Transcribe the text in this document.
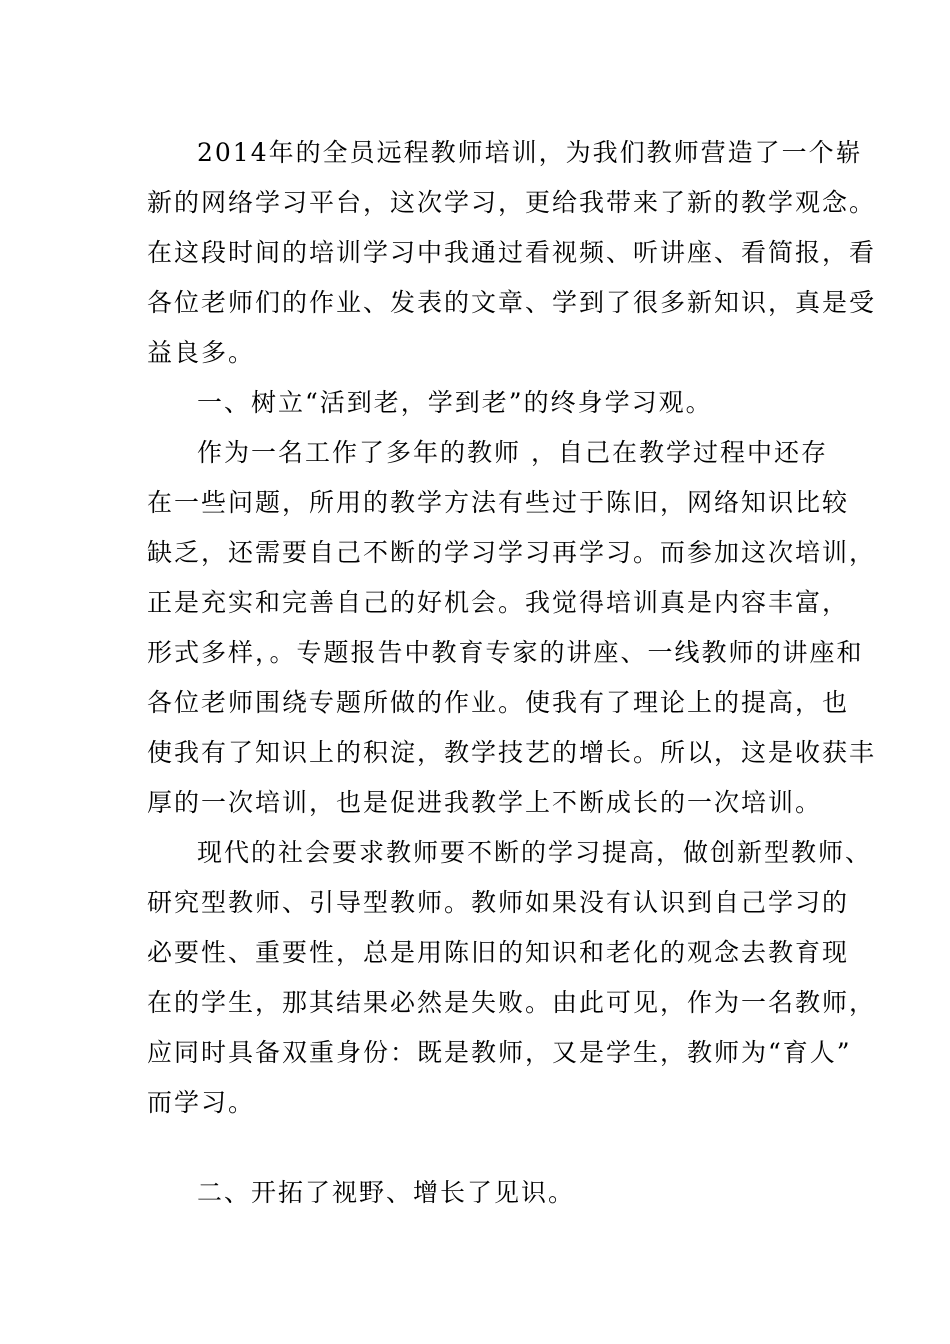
2014年的全员远程教师培训，为我们教师营造了一个崭
新的网络学习平台，这次学习，更给我带来了新的教学观念。
在这段时间的培训学习中我通过看视频、听讲座、看简报，看
各位老师们的作业、发表的文章、学到了很多新知识，真是受
益良多。
一、树立“活到老，学到老”的终身学习观。
作为一名工作了多年的教师 ，自己在教学过程中还存
在一些问题，所用的教学方法有些过于陈旧，网络知识比较
缺乏，还需要自己不断的学习学习再学习。而参加这次培训，
正是充实和完善自己的好机会。我觉得培训真是内容丰富，
形式多样，。专题报告中教育专家的讲座、一线教师的讲座和
各位老师围绕专题所做的作业。使我有了理论上的提高，也
使我有了知识上的积淀，教学技艺的增长。所以，这是收获丰
厚的一次培训，也是促进我教学上不断成长的一次培训。
现代的社会要求教师要不断的学习提高，做创新型教师、
研究型教师、引导型教师。教师如果没有认识到自己学习的
必要性、重要性，总是用陈旧的知识和老化的观念去教育现
在的学生，那其结果必然是失败。由此可见，作为一名教师，
应同时具备双重身份：既是教师，又是学生，教师为“育人”
而学习。
二、开拓了视野、增长了见识。
